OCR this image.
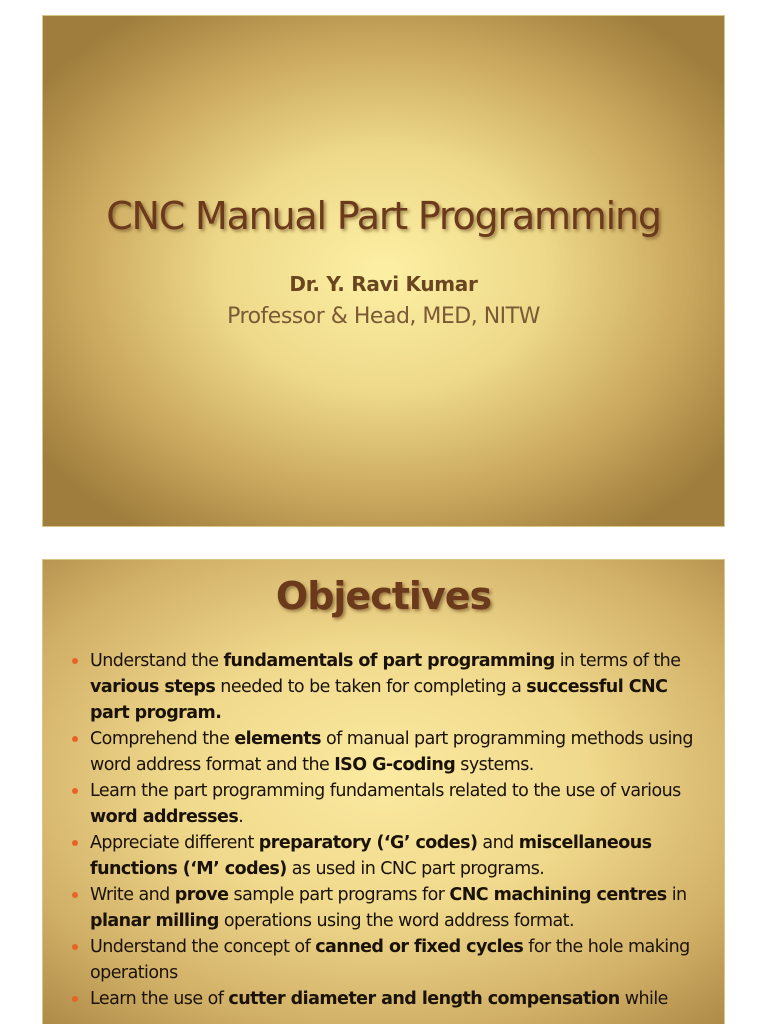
CNC Manual Part Programming
Dr. Y. Ravi Kumar
Professor & Head, MED, NITW
Objectives
Understand the fundamentals of part programming in terms of the various steps needed to be taken for completing a successful CNC part program.
Comprehend the elements of manual part programming methods using word address format and the ISO G-coding systems.
Learn the part programming fundamentals related to the use of various word addresses.
Appreciate different preparatory (‘G’ codes) and miscellaneous functions (‘M’ codes) as used in CNC part programs.
Write and prove sample part programs for CNC machining centres in planar milling operations using the word address format.
Understand the concept of canned or fixed cycles for the hole making operations
Learn the use of cutter diameter and length compensation while
